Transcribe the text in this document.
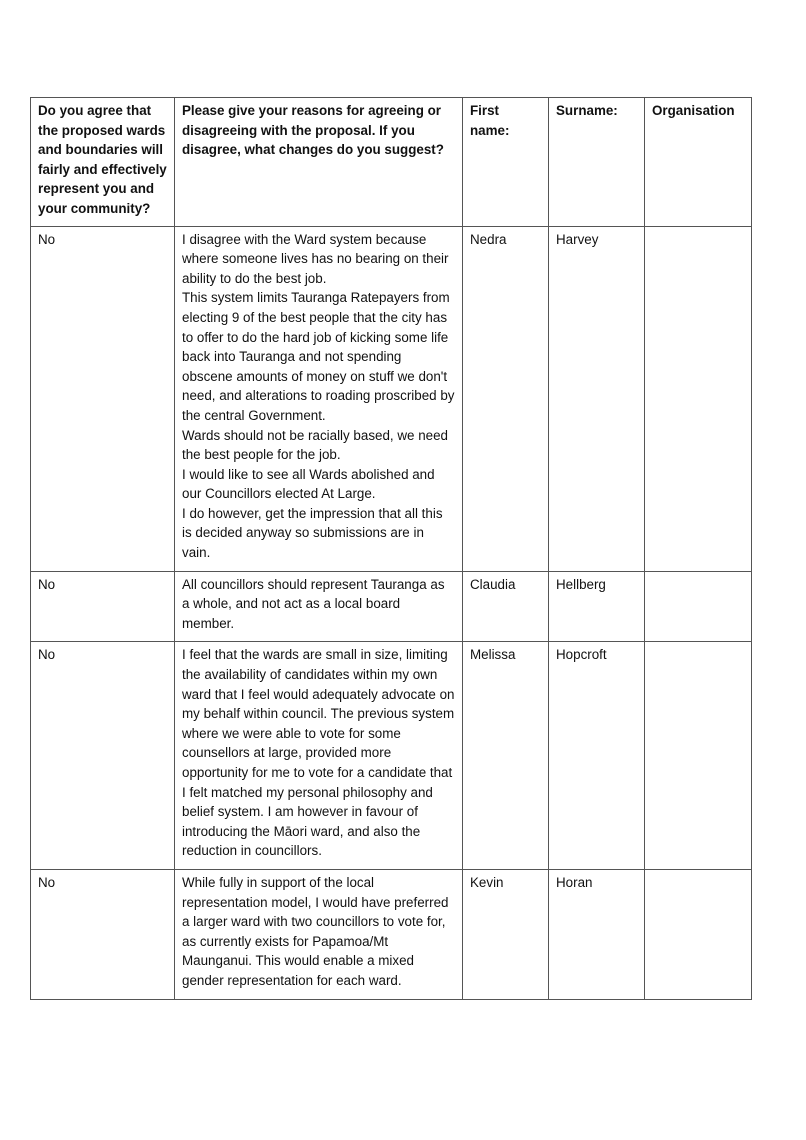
Do you agree that the proposed wards and boundaries will fairly and effectively represent you and your community?	Please give your reasons for agreeing or disagreeing with the proposal. If you disagree, what changes do you suggest?	First name:	Surname:	Organisation
No	I disagree with the Ward system because where someone lives has no bearing on their ability to do the best job.
This system limits Tauranga Ratepayers from electing 9 of the best people that the city has to offer to do the hard job of kicking some life back into Tauranga and not spending obscene amounts of money on stuff we don't need, and alterations to roading proscribed by the central Government.
Wards should not be racially based, we need the best people for the job.
I would like to see all Wards abolished and our Councillors elected At Large.
I do however, get the impression that all this is decided anyway so submissions are in vain.	Nedra	Harvey	
No	All councillors should represent Tauranga as a whole, and not act as a local board member.	Claudia	Hellberg	
No	I feel that the wards are small in size, limiting the availability of candidates within my own ward that I feel would adequately advocate on my behalf within council. The previous system where we were able to vote for some counsellors at large, provided more opportunity for me to vote for a candidate that I felt matched my personal philosophy and belief system. I am however in favour of introducing the Māori ward, and also the reduction in councillors.	Melissa	Hopcroft	
No	While fully in support of the local representation model, I would have preferred a larger ward with two councillors to vote for, as currently exists for Papamoa/Mt Maunganui. This would enable a mixed gender representation for each ward.	Kevin	Horan	
